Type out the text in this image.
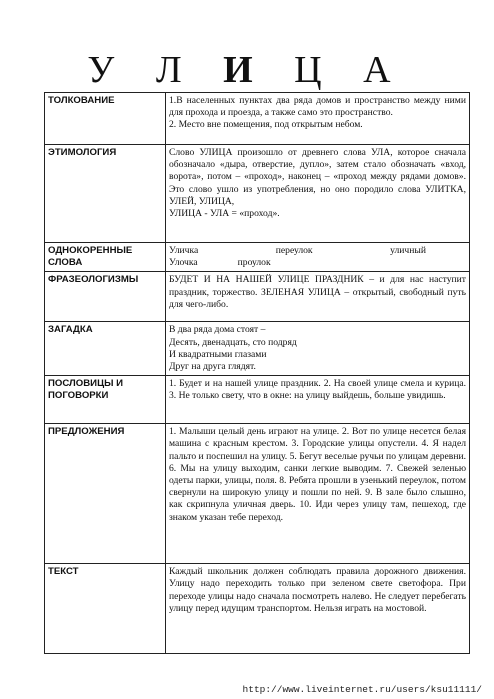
У Л И Ц А
ТОЛКОВАНИЕ	1.В населенных пунктах два ряда домов и пространство между ними для прохода и проезда, а также само это пространство.
2. Место вне помещения, под открытым небом.

ЭТИМОЛОГИЯ	Слово УЛИЦА произошло от древнего слова УЛА, которое сначала обозначало «дыра, отверстие, дупло», затем стало обозначать «вход, ворота», потом – «проход», наконец – «проход между рядами домов». Это слово ушло из употребления, но оно породило слова УЛИТКА, УЛЕЙ, УЛИЦА,
УЛИЦА - УЛА = «проход».

ОДНОКОРЕННЫЕ СЛОВА	Уличка переулок уличный
Улочка проулок

ФРАЗЕОЛОГИЗМЫ	БУДЕТ И НА НАШЕЙ УЛИЦЕ ПРАЗДНИК – и для нас наступит праздник, торжество. ЗЕЛЕНАЯ УЛИЦА – открытый, свободный путь для чего-либо.

ЗАГАДКА	В два ряда дома стоят –
Десять, двенадцать, сто подряд
И квадратными глазами
Друг на друга глядят.

ПОСЛОВИЦЫ И ПОГОВОРКИ	1. Будет и на нашей улице праздник. 2. На своей улице смела и курица. 3. Не только свету, что в окне: на улицу выйдешь, больше увидишь.

ПРЕДЛОЖЕНИЯ	1. Малыши целый день играют на улице. 2. Вот по улице несется белая машина с красным крестом. 3. Городские улицы опустели. 4. Я надел пальто и поспешил на улицу. 5. Бегут веселые ручьи по улицам деревни. 6. Мы на улицу выходим, санки легкие выводим. 7. Свежей зеленью одеты парки, улицы, поля. 8. Ребята прошли в узенький переулок, потом свернули на широкую улицу и пошли по ней. 9. В зале было слышно, как скрипнула уличная дверь. 10. Иди через улицу там, пешеход, где знаком указан тебе переход.

ТЕКСТ	Каждый школьник должен соблюдать правила дорожного движения. Улицу надо переходить только при зеленом свете светофора. При переходе улицы надо сначала посмотреть налево. Не следует перебегать улицу перед идущим транспортом. Нельзя играть на мостовой.
http://www.liveinternet.ru/users/ksu11111/
